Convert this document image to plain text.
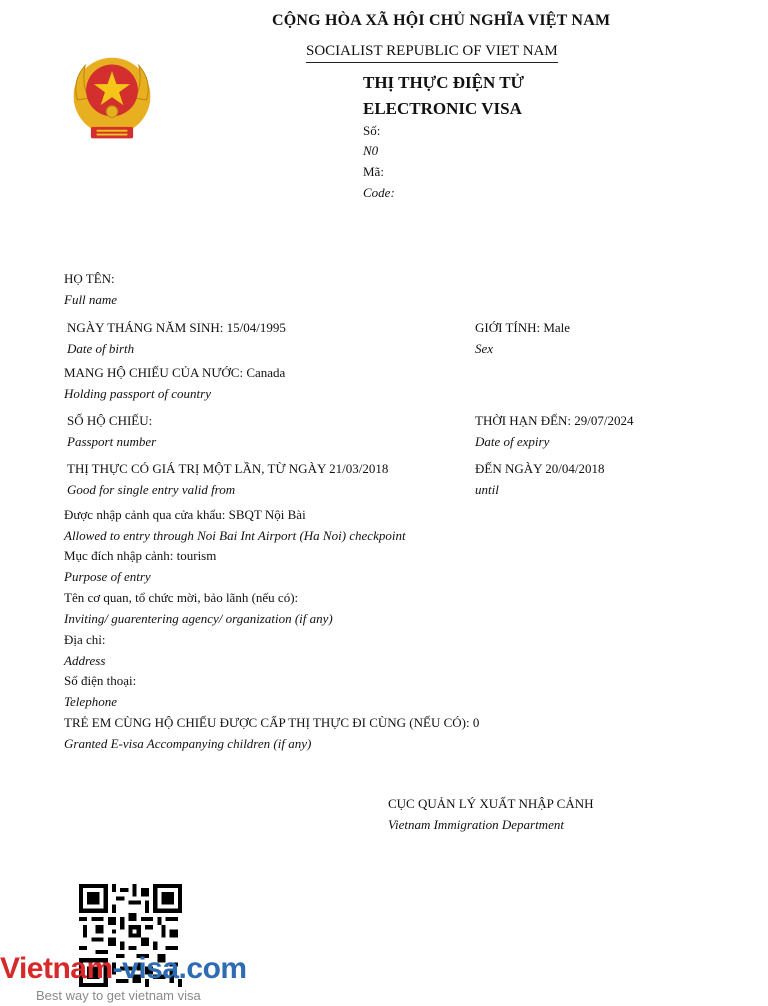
CỘNG HÒA XÃ HỘI CHỦ NGHĨA VIỆT NAM
SOCIALIST REPUBLIC OF VIET NAM
THỊ THỰC ĐIỆN TỬ
ELECTRONIC VISA
Số:
N0
Mã:
Code:
HỌ TÊN:
Full name
NGÀY THÁNG NĂM SINH: 15/04/1995
Date of birth
GIỚI TÍNH: Male
Sex
MANG HỘ CHIẾU CỦA NƯỚC: Canada
Holding passport of country
SỐ HỘ CHIẾU:
Passport number
THỜI HẠN ĐẾN: 29/07/2024
Date of expiry
THỊ THỰC CÓ GIÁ TRỊ MỘT LẦN, TỪ NGÀY 21/03/2018
Good for single entry valid from
ĐẾN NGÀY 20/04/2018
until
Được nhập cảnh qua cửa khẩu: SBQT Nội Bài
Allowed to entry through Noi Bai Int Airport (Ha Noi) checkpoint
Mục đích nhập cảnh: tourism
Purpose of entry
Tên cơ quan, tổ chức mời, bảo lãnh (nếu có):
Inviting/ guarentering agency/ organization (if any)
Địa chỉ:
Address
Số điện thoại:
Telephone
TRẺ EM CÙNG HỘ CHIẾU ĐƯỢC CẤP THỊ THỰC ĐI CÙNG (NẾU CÓ): 0
Granted E-visa Accompanying children (if any)
CỤC QUẢN LÝ XUẤT NHẬP CẢNH
Vietnam Immigration Department
Vietnam-visa.com
Best way to get vietnam visa
